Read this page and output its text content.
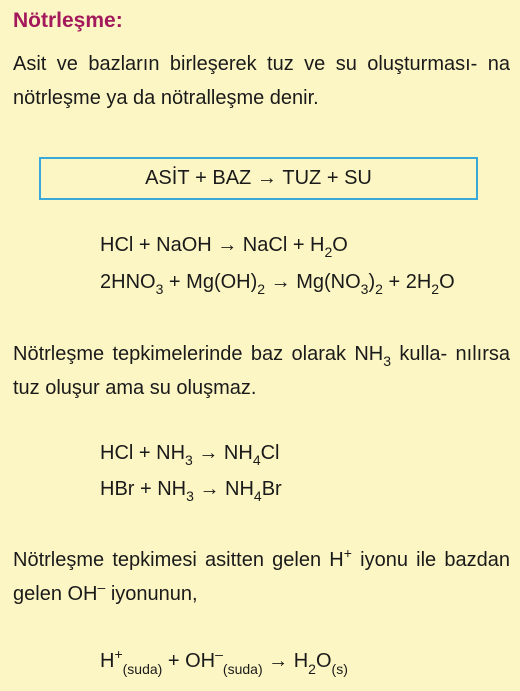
Nötrleşme:
Asit ve bazların birleşerek tuz ve su oluşturması- na nötrleşme ya da nötralleşme denir.
ASİT
+
BAZ
→
TUZ
+
SU
HCl + NaOH → NaCl + $H_2O$
$2HNO_3 + Mg(OH)_2 \to Mg(NO_3)_2 + 2H_2O$
Nötrleşme tepkimelerinde baz olarak $NH_3$ kulla- nılırsa tuz oluşur ama su oluşmaz.
HCl + $NH_3 \to NH_4Cl$
HBr + $NH_3 \to NH_4Br$
Nötrleşme tepkimesi asitten gelen H+ iyonu ile bazdan gelen OH– iyonunun,
$H^+_{(suda)} + OH^-_{(suda)} \to H_2O_{(s)}$
